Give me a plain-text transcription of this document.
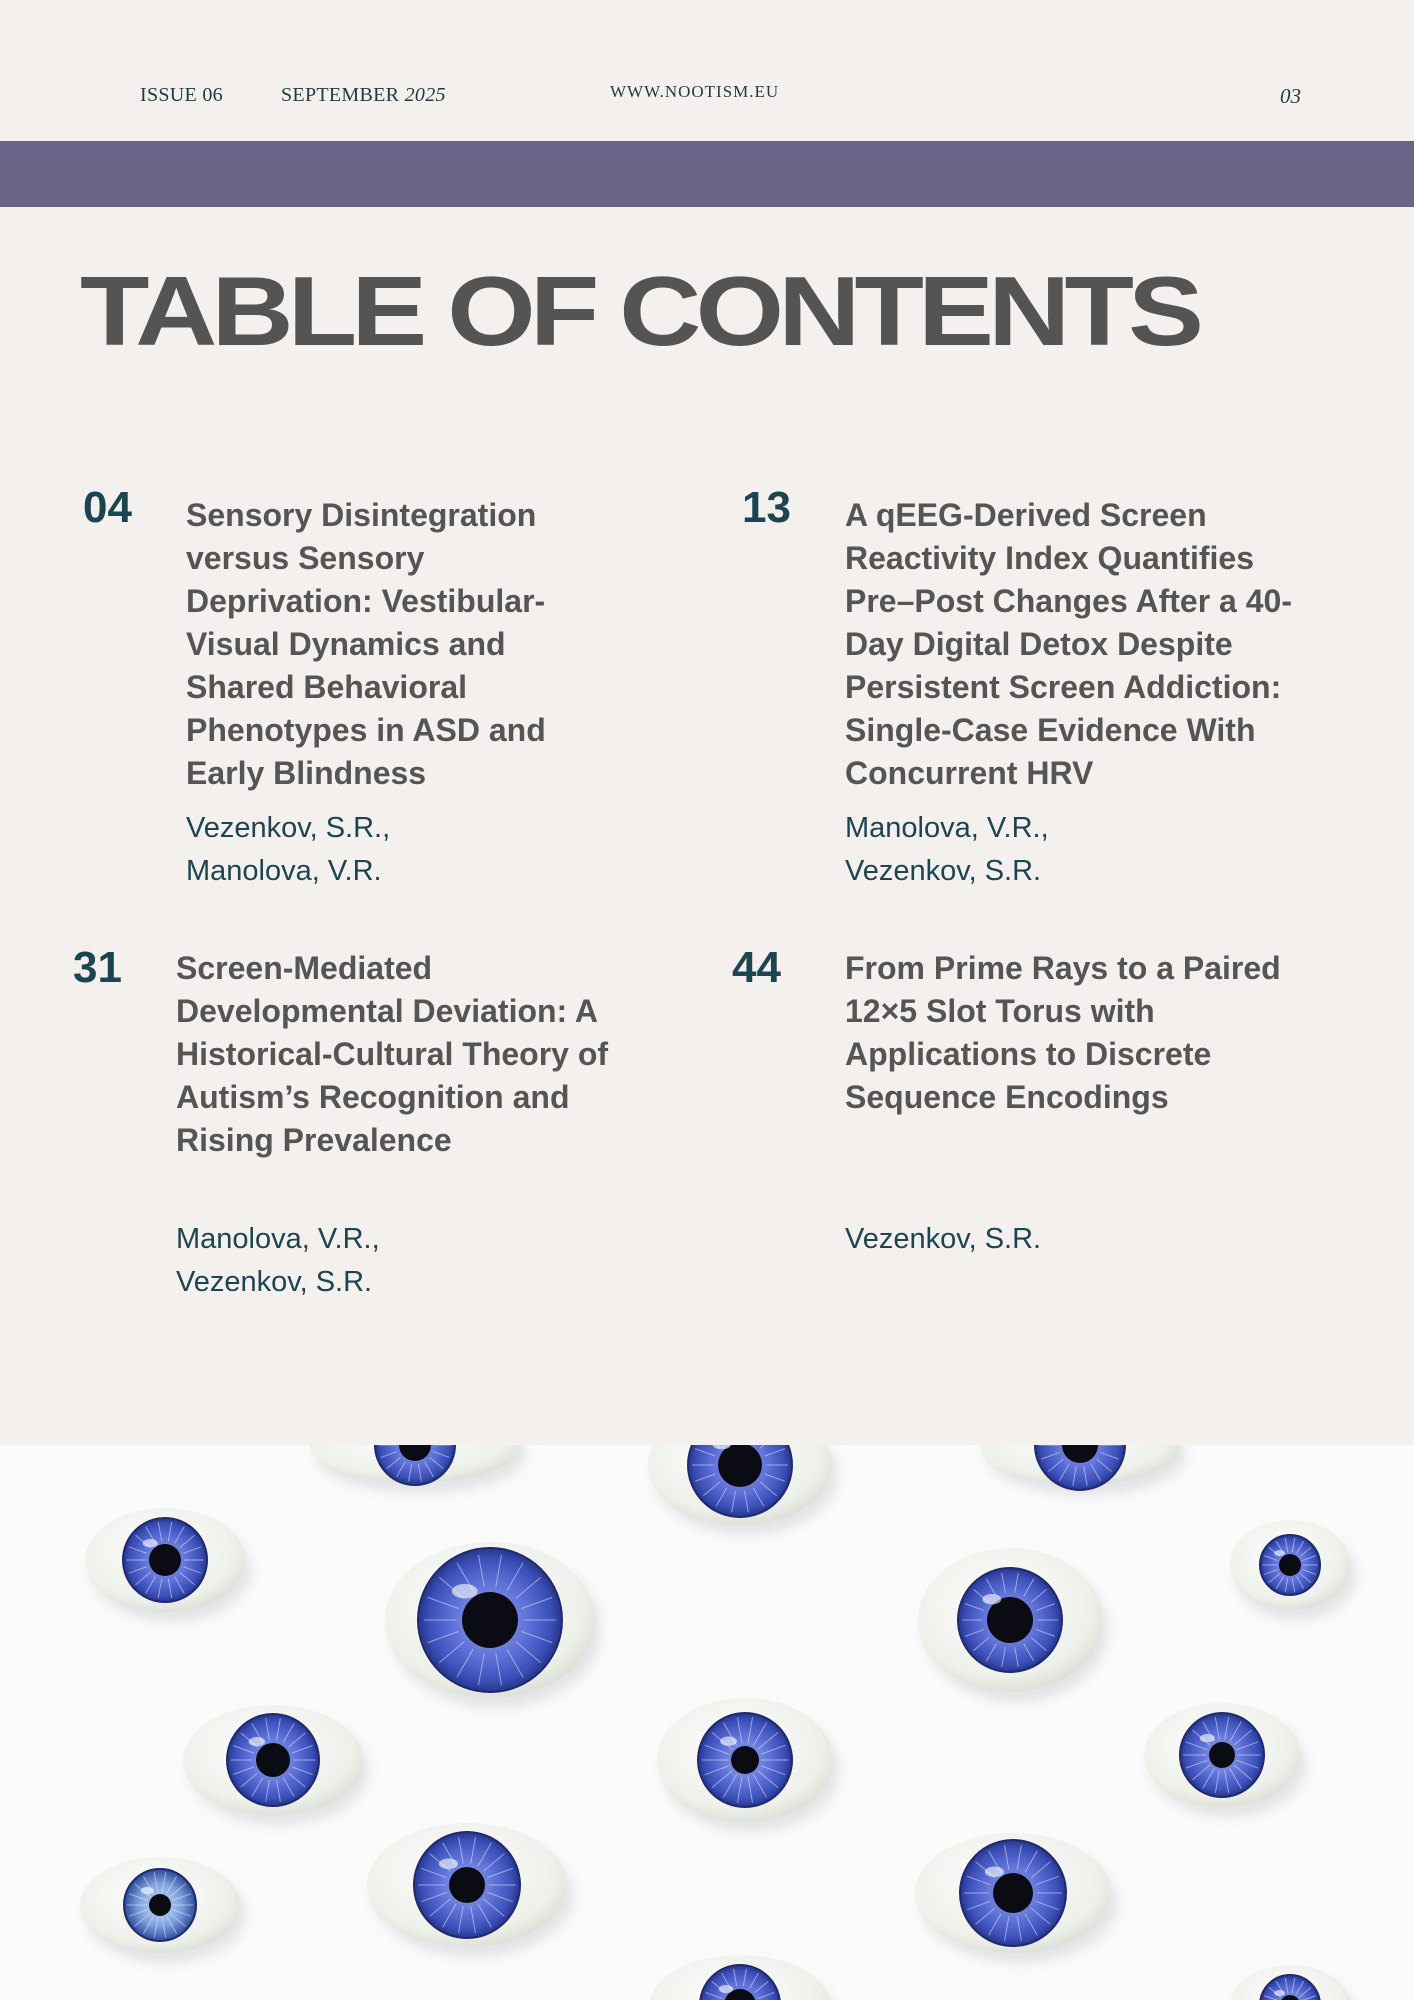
ISSUE 06	SEPTEMBER 2025	WWW.NOOTISM.EU	03
TABLE OF CONTENTS
04 Sensory Disintegration versus Sensory Deprivation: Vestibular-Visual Dynamics and Shared Behavioral Phenotypes in ASD and Early Blindness

Vezenkov, S.R.,
Manolova, V.R.
13 A qEEG-Derived Screen Reactivity Index Quantifies Pre–Post Changes After a 40-Day Digital Detox Despite Persistent Screen Addiction: Single-Case Evidence With Concurrent HRV

Manolova, V.R.,
Vezenkov, S.R.
31 Screen-Mediated Developmental Deviation: A Historical-Cultural Theory of Autism’s Recognition and Rising Prevalence

Manolova, V.R.,
Vezenkov, S.R.
44 From Prime Rays to a Paired 12×5 Slot Torus with Applications to Discrete Sequence Encodings

Vezenkov, S.R.
